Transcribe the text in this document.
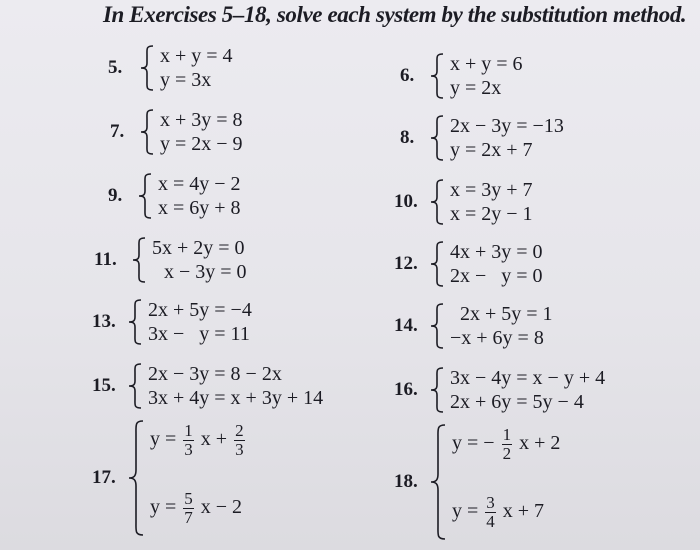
In Exercises 5–18, solve each system by the substitution method.
5.
x + y = 4
y = 3x	6.
x + y = 6
y = 2x
7.
x + 3y = 8
y = 2x − 9	8.
2x − 3y = −13
y = 2x + 7
9.
x = 4y − 2
x = 6y + 8	10.
x = 3y + 7
x = 2y − 1
11.
5x + 2y = 0
x − 3y = 0	12.
4x + 3y = 0
2x −   y = 0
13.
2x + 5y = −4
3x −   y = 11	14.
2x + 5y = 1
−x + 6y = 8
15.
2x − 3y = 8 − 2x
3x + 4y = x + 3y + 14	16.
3x − 4y = x − y + 4
2x + 6y = 5y − 4
17.
$y = \frac{1}{3}$ $x + \frac{2}{3}$
$y = \frac{5}{7}$ x − 2
18.
y = − $\frac{1}{2}$ x + 2
$y = \frac{3}{4}$ x + 7
